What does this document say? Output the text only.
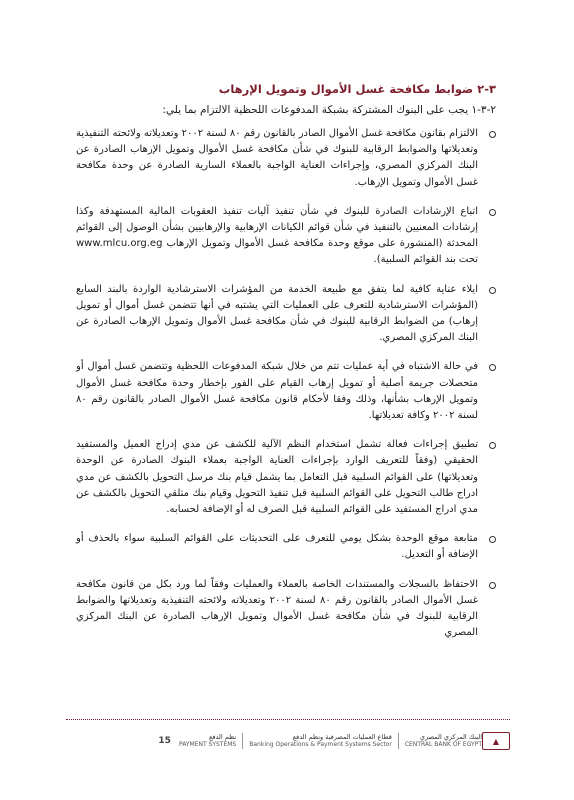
٣-٢ ضوابط مكافحة غسل الأموال وتمويل الإرهاب
٢-٣-١ يجب على البنوك المشتركة بشبكة المدفوعات اللحظية الالتزام بما يلي:
الالتزام بقانون مكافحة غسل الأموال الصادر بالقانون رقم ٨٠ لسنة ٢٠٠٢ وتعديلاته ولائحته التنفيذية وتعديلاتها والضوابط الرقابية للبنوك في شأن مكافحة غسل الأموال وتمويل الإرهاب الصادرة عن البنك المركزي المصري، وإجراءات العناية الواجبة بالعملاء السارية الصادرة عن وحدة مكافحة غسل الأموال وتمويل الإرهاب.
اتباع الإرشادات الصادرة للبنوك في شأن تنفيذ آليات تنفيذ العقوبات المالية المستهدفة وكذا إرشادات المعنيين بالتنفيذ في شأن قوائم الكيانات الإرهابية والإرهابيين بشأن الوصول إلى القوائم المحدثة (المنشورة على موقع وحدة مكافحة غسل الأموال وتمويل الإرهاب www.mlcu.org.eg تحت بند القوائم السلبية).
ايلاء عناية كافية لما يتفق مع طبيعة الخدمة من المؤشرات الاسترشادية الواردة بالبند السابع (المؤشرات الاسترشادية للتعرف على العمليات التي يشتبه في أنها تتضمن غسل أموال أو تمويل إرهاب) من الضوابط الرقابية للبنوك في شأن مكافحة غسل الأموال وتمويل الإرهاب الصادرة عن البنك المركزي المصري.
في حالة الاشتباه في أية عمليات تتم من خلال شبكة المدفوعات اللحظية وتتضمن غسل أموال أو متحصلات جريمة أصلية أو تمويل إرهاب القيام على الفور بإخطار وحدة مكافحة غسل الأموال وتمويل الإرهاب بشأنها، وذلك وفقا لأحكام قانون مكافحة غسل الأموال الصادر بالقانون رقم ٨٠ لسنة ٢٠٠٢ وكافة تعديلاتها.
تطبيق إجراءات فعالة تشمل استخدام النظم الآلية للكشف عن مدي إدراج العميل والمستفيد الحقيقي (وفقاً للتعريف الوارد بإجراءات العناية الواجبة بعملاء البنوك الصادرة عن الوحدة وتعديلاتها) على القوائم السلبية قبل التعامل بما يشمل قيام بنك مرسل التحويل بالكشف عن مدي ادراج طالب التحويل على القوائم السلبية قبل تنفيذ التحويل وقيام بنك متلقي التحويل بالكشف عن مدي ادراج المستفيد على القوائم السلبية قبل الصرف له أو الإضافة لحسابه.
متابعة موقع الوحدة بشكل يومي للتعرف على التحديثات على القوائم السلبية سواء بالحذف أو الإضافة أو التعديل.
الاحتفاظ بالسجلات والمستندات الخاصة بالعملاء والعمليات وفقاً لما ورد بكل من قانون مكافحة غسل الأموال الصادر بالقانون رقم ٨٠ لسنة ٢٠٠٢ وتعديلاته ولائحته التنفيذية وتعديلاتها والضوابط الرقابية للبنوك في شأن مكافحة غسل الأموال وتمويل الإرهاب الصادرة عن البنك المركزي المصري
15	نظم الدفع
PAYMENT SYSTEMS
قطاع العمليات المصرفية ونظم الدفع
Banking Operations & Payment Systems Sector
البنك المركزي المصري
CENTRAL BANK OF EGYPT	▲
